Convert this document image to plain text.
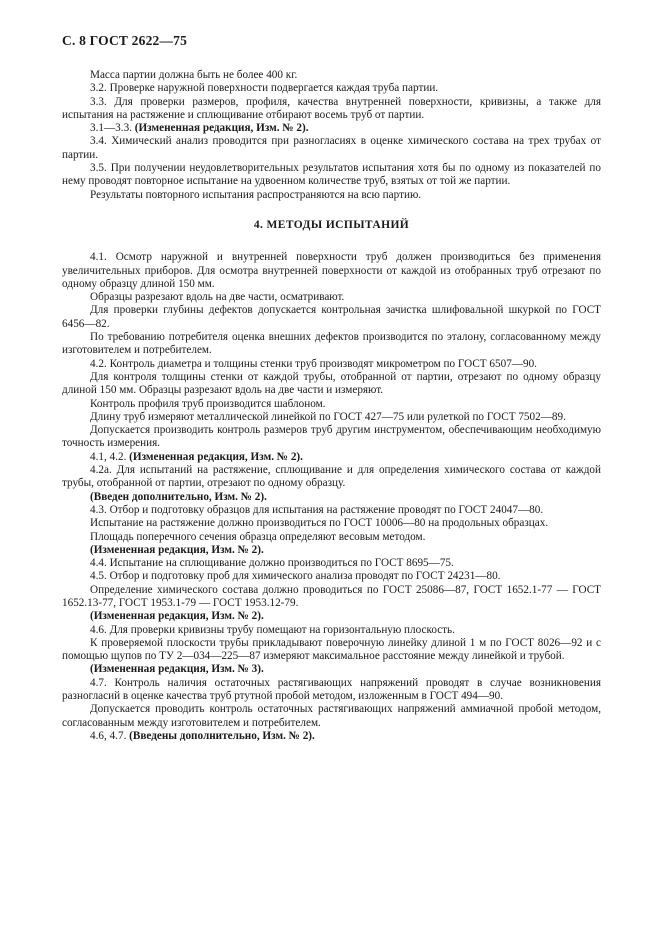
С. 8 ГОСТ 2622—75

Масса партии должна быть не более 400 кг.

3.2. Проверке наружной поверхности подвергается каждая труба партии.

3.3. Для проверки размеров, профиля, качества внутренней поверхности, кривизны, а также для испытания на растяжение и сплющивание отбирают восемь труб от партии.

3.1—3.3. (Измененная редакция, Изм. № 2).

3.4. Химический анализ проводится при разногласиях в оценке химического состава на трех трубах от партии.

3.5. При получении неудовлетворительных результатов испытания хотя бы по одному из показателей по нему проводят повторное испытание на удвоенном количестве труб, взятых от той же партии.

Результаты повторного испытания распространяются на всю партию.

4. МЕТОДЫ ИСПЫТАНИЙ

4.1. Осмотр наружной и внутренней поверхности труб должен производиться без применения увеличительных приборов. Для осмотра внутренней поверхности от каждой из отобранных труб отрезают по одному образцу длиной 150 мм.

Образцы разрезают вдоль на две части, осматривают.

Для проверки глубины дефектов допускается контрольная зачистка шлифовальной шкуркой по ГОСТ 6456—82.

По требованию потребителя оценка внешних дефектов производится по эталону, согласованному между изготовителем и потребителем.

4.2. Контроль диаметра и толщины стенки труб производят микрометром по ГОСТ 6507—90.

Для контроля толщины стенки от каждой трубы, отобранной от партии, отрезают по одному образцу длиной 150 мм. Образцы разрезают вдоль на две части и измеряют.

Контроль профиля труб производится шаблоном.

Длину труб измеряют металлической линейкой по ГОСТ 427—75 или рулеткой по ГОСТ 7502—89.

Допускается производить контроль размеров труб другим инструментом, обеспечивающим необходимую точность измерения.

4.1, 4.2. (Измененная редакция, Изм. № 2).

4.2а. Для испытаний на растяжение, сплющивание и для определения химического состава от каждой трубы, отобранной от партии, отрезают по одному образцу.

(Введен дополнительно, Изм. № 2).

4.3. Отбор и подготовку образцов для испытания на растяжение проводят по ГОСТ 24047—80.

Испытание на растяжение должно производиться по ГОСТ 10006—80 на продольных образцах.

Площадь поперечного сечения образца определяют весовым методом.

(Измененная редакция, Изм. № 2).

4.4. Испытание на сплющивание должно производиться по ГОСТ 8695—75.

4.5. Отбор и подготовку проб для химического анализа проводят по ГОСТ 24231—80.

Определение химического состава должно проводиться по ГОСТ 25086—87, ГОСТ 1652.1-77 — ГОСТ 1652.13-77, ГОСТ 1953.1-79 — ГОСТ 1953.12-79.

(Измененная редакция, Изм. № 2).

4.6. Для проверки кривизны трубу помещают на горизонтальную плоскость.

К проверяемой плоскости трубы прикладывают поверочную линейку длиной 1 м по ГОСТ 8026—92 и с помощью щупов по ТУ 2—034—225—87 измеряют максимальное расстояние между линейкой и трубой.

(Измененная редакция, Изм. № 3).

4.7. Контроль наличия остаточных растягивающих напряжений проводят в случае возникновения разногласий в оценке качества труб ртутной пробой методом, изложенным в ГОСТ 494—90.

Допускается проводить контроль остаточных растягивающих напряжений аммиачной пробой методом, согласованным между изготовителем и потребителем.

4.6, 4.7. (Введены дополнительно, Изм. № 2).
